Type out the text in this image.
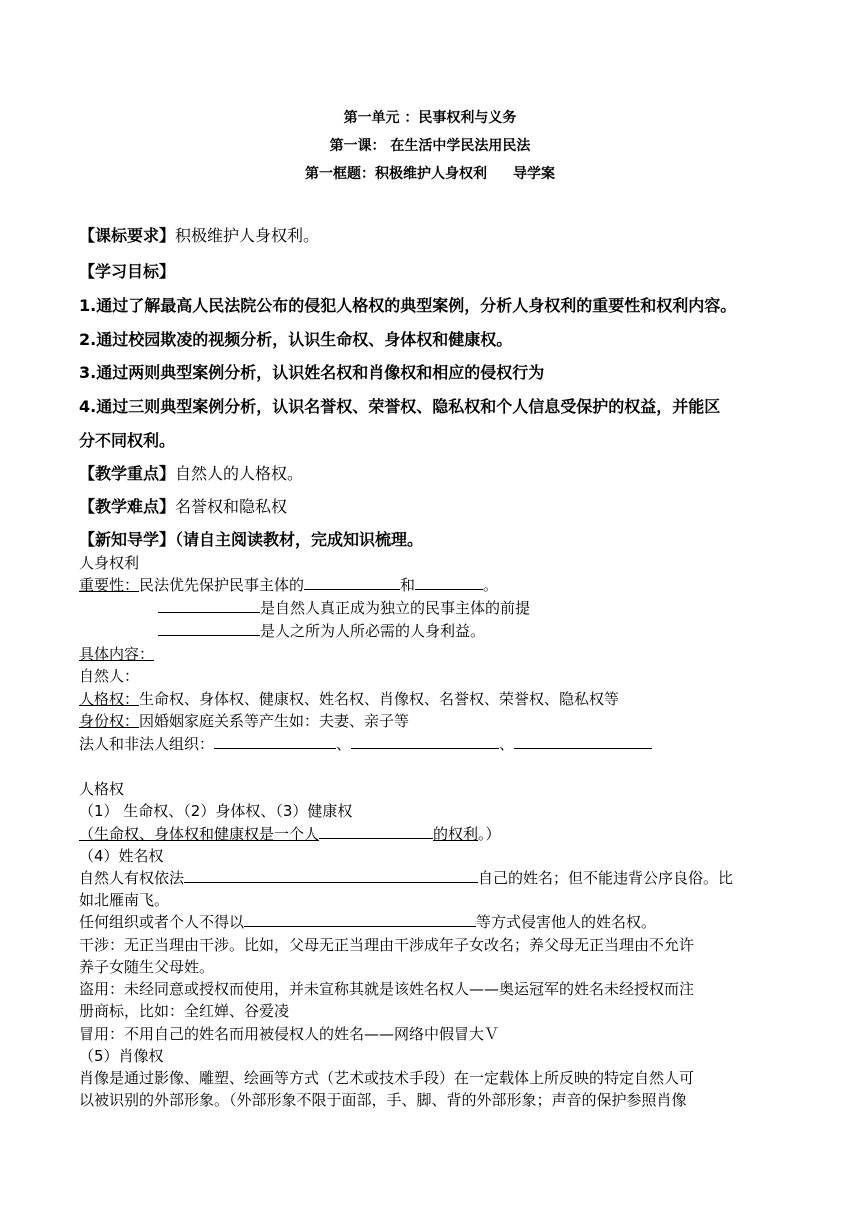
第一单元 ：民事权利与义务
第一课： 在生活中学民法用民法
第一框题：积极维护人身权利 导学案
【课标要求】积极维护人身权利。
【学习目标】
1.通过了解最高人民法院公布的侵犯人格权的典型案例，分析人身权利的重要性和权利内容。
2.通过校园欺凌的视频分析，认识生命权、身体权和健康权。
3.通过两则典型案例分析，认识姓名权和肖像权和相应的侵权行为
4.通过三则典型案例分析，认识名誉权、荣誉权、隐私权和个人信息受保护的权益，并能区
分不同权利。
【教学重点】自然人的人格权。
【教学难点】名誉权和隐私权
【新知导学】（请自主阅读教材，完成知识梳理。
人身权利
重要性：民法优先保护民事主体的	和	。
是自然人真正成为独立的民事主体的前提
是人之所为人所必需的人身利益。
具体内容：
自然人：
人格权：生命权、身体权、健康权、姓名权、肖像权、名誉权、荣誉权、隐私权等
身份权：因婚姻家庭关系等产生如：夫妻、亲子等
法人和非法人组织：	、	、
人格权
（1） 生命权、（2）身体权、（3）健康权
（生命权、身体权和健康权是一个人	的权利。）
（4）姓名权
自然人有权依法	自己的姓名；但不能违背公序良俗。比
如北雁南飞。
任何组织或者个人不得以	等方式侵害他人的姓名权。
干涉：无正当理由干涉。比如，父母无正当理由干涉成年子女改名；养父母无正当理由不允许
养子女随生父母姓。
盗用：未经同意或授权而使用，并未宣称其就是该姓名权人——奥运冠军的姓名未经授权而注
册商标，比如：全红婵、谷爱凌
冒用：不用自己的姓名而用被侵权人的姓名——网络中假冒大Ｖ
（5）肖像权
肖像是通过影像、雕塑、绘画等方式（艺术或技术手段）在一定载体上所反映的特定自然人可
以被识别的外部形象。（外部形象不限于面部，手、脚、背的外部形象；声音的保护参照肖像
